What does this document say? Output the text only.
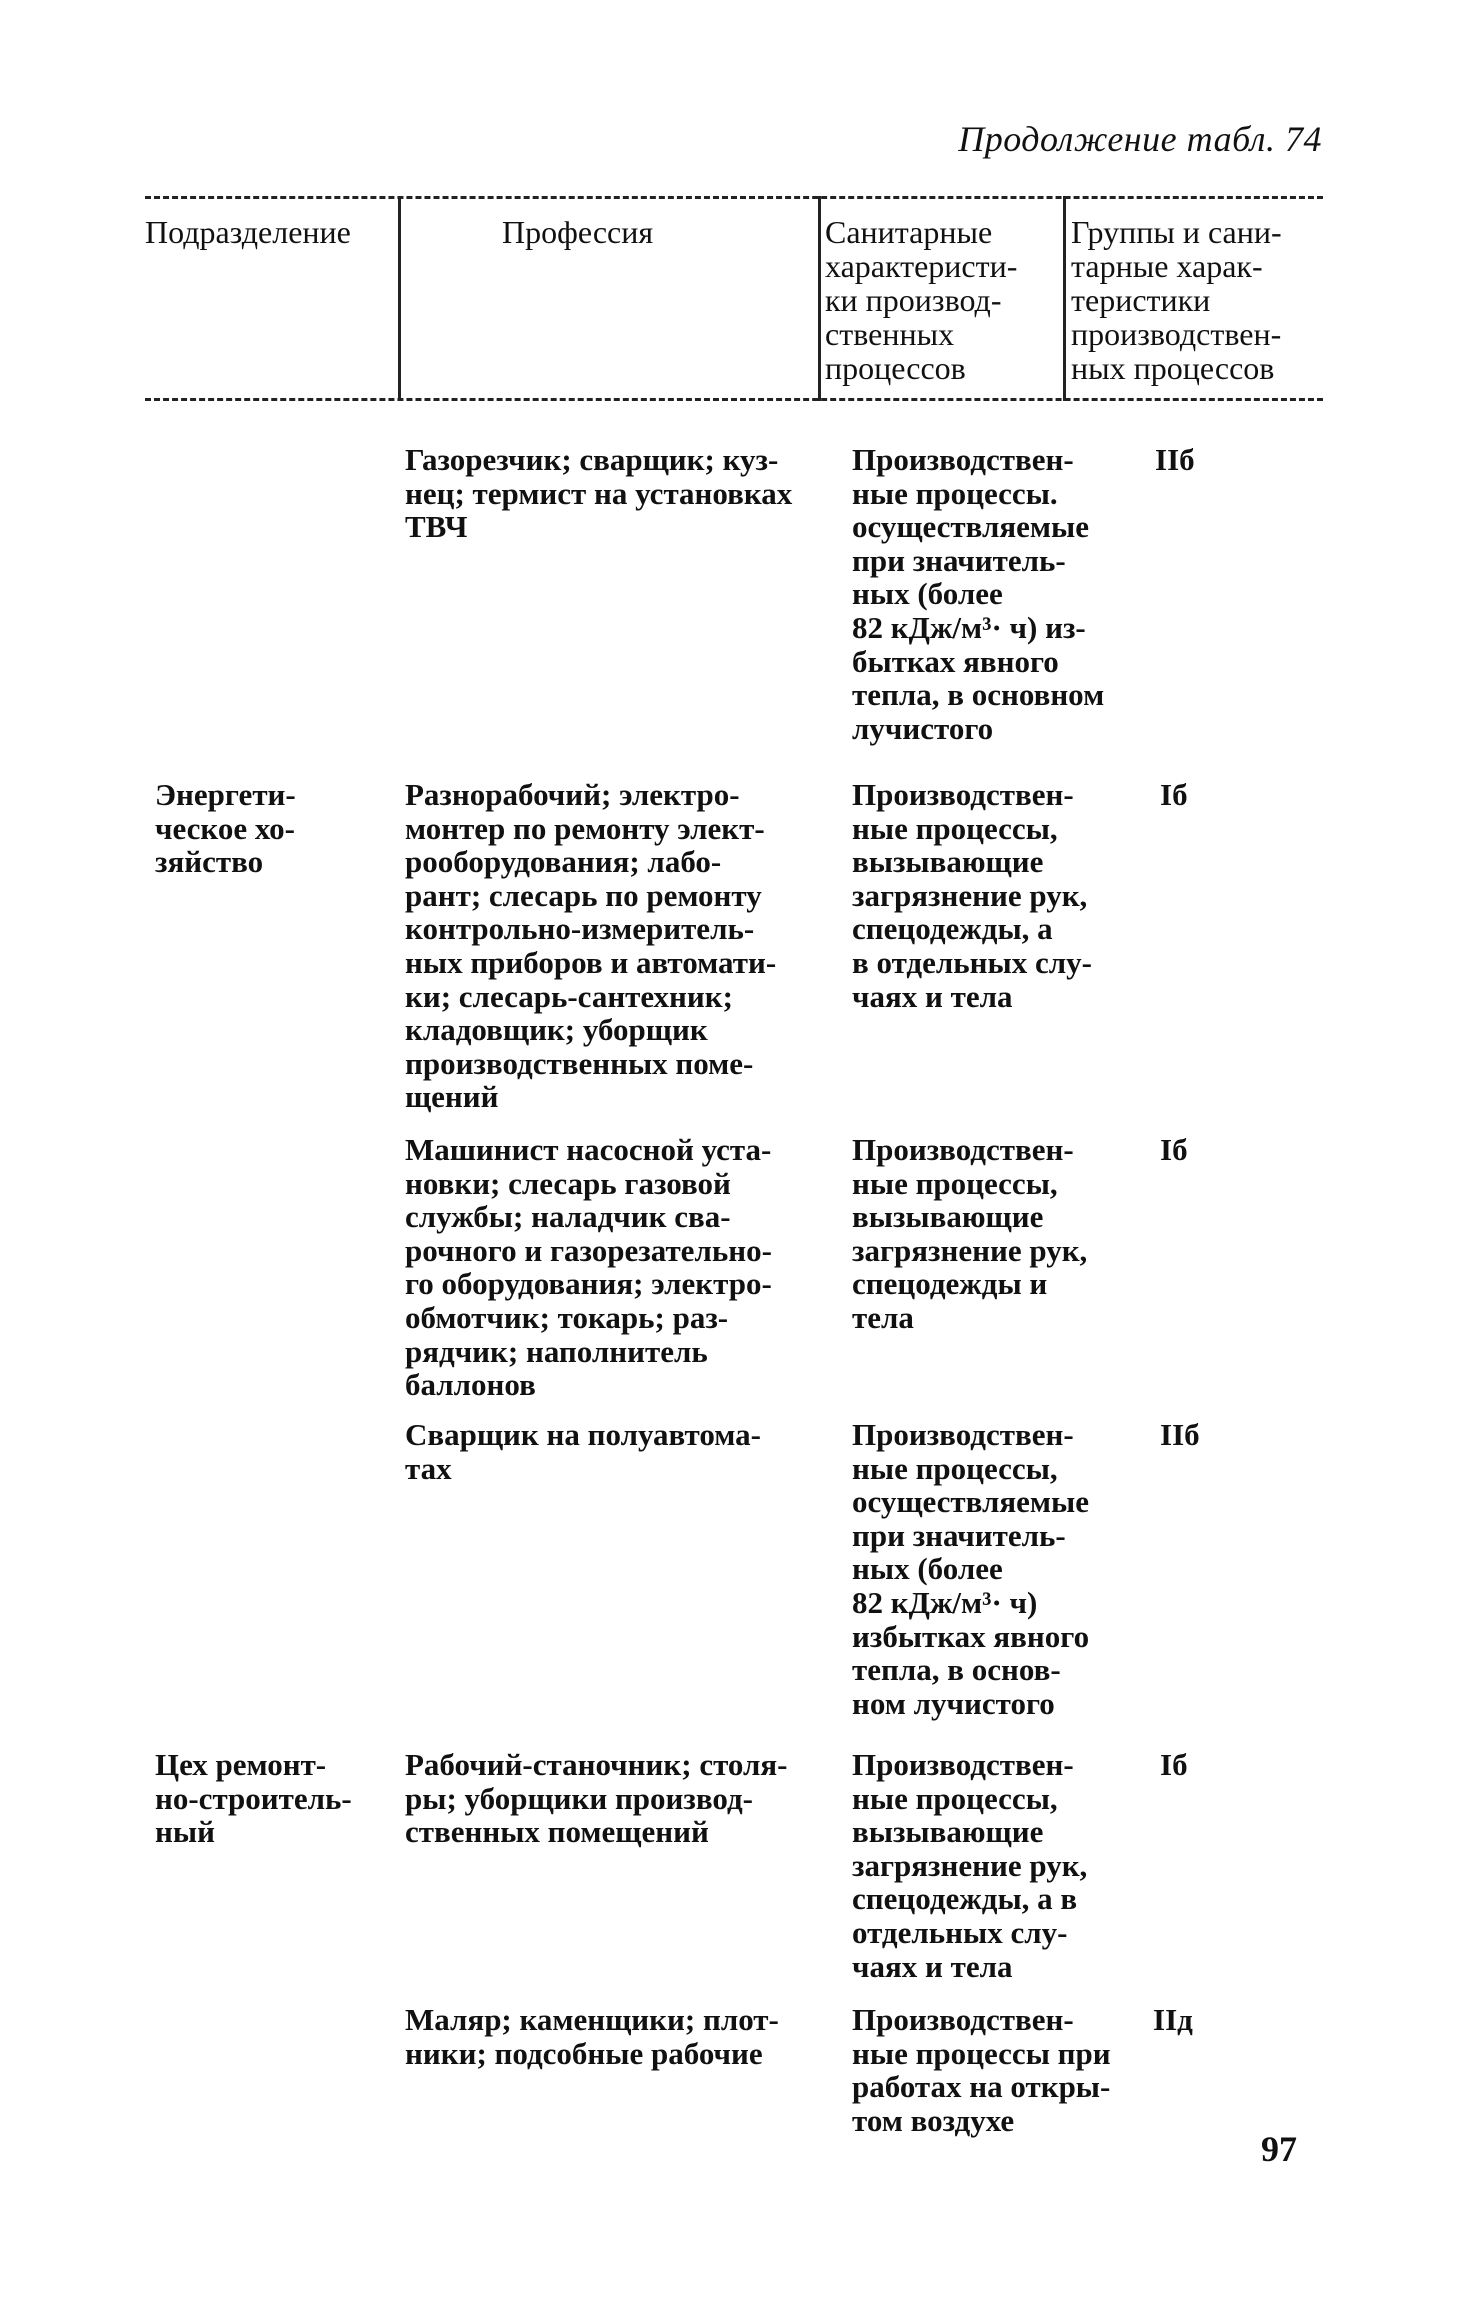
Продолжение табл. 74
Подразделение	Профессия	Санитарные
характеристи-
ки производ-
ственных
процессов
Группы и сани-
тарные харак-
теристики
производствен-
ных процессов
Газорезчик; сварщик; куз-
нец; термист на установках
ТВЧ
Производствен-
ные процессы.
осуществляемые
при значитель-
ных (более
82 кДж/м³· ч) из-
бытках явного
тепла, в основном
лучистого
IIб
Энергети-
ческое хо-
зяйство
Разнорабочий; электро-
монтер по ремонту элект-
рооборудования; лабо-
рант; слесарь по ремонту
контрольно-измеритель-
ных приборов и автомати-
ки; слесарь-сантехник;
кладовщик; уборщик
производственных поме-
щений
Производствен-
ные процессы,
вызывающие
загрязнение рук,
спецодежды, а
в отдельных слу-
чаях и тела
Iб
Машинист насосной уста-
новки; слесарь газовой
службы; наладчик сва-
рочного и газорезательно-
го оборудования; электро-
обмотчик; токарь; раз-
рядчик; наполнитель
баллонов
Производствен-
ные процессы,
вызывающие
загрязнение рук,
спецодежды и
тела
Iб
Сварщик на полуавтома-
тах
Производствен-
ные процессы,
осуществляемые
при значитель-
ных (более
82 кДж/м³· ч)
избытках явного
тепла, в основ-
ном лучистого
IIб
Цех ремонт-
но-строитель-
ный
Рабочий-станочник; столя-
ры; уборщики производ-
ственных помещений
Производствен-
ные процессы,
вызывающие
загрязнение рук,
спецодежды, а в
отдельных слу-
чаях и тела
Iб
Маляр; каменщики; плот-
ники; подсобные рабочие
Производствен-
ные процессы при
работах на откры-
том воздухе
IIд
97
